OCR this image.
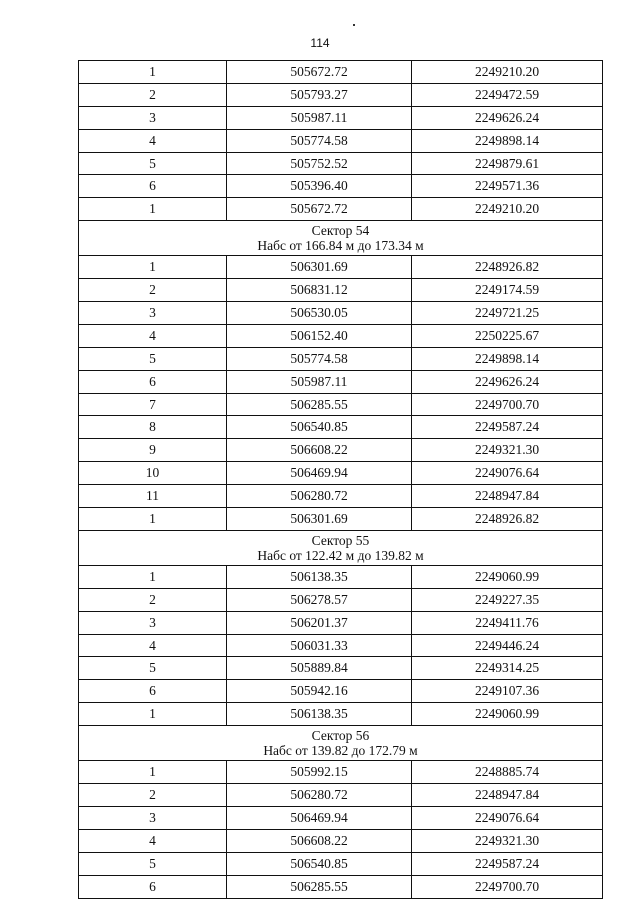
114
1	505672.72	2249210.20
2	505793.27	2249472.59
3	505987.11	2249626.24
4	505774.58	2249898.14
5	505752.52	2249879.61
6	505396.40	2249571.36
1	505672.72	2249210.20

Сектор 54
Набс от 166.84 м до 173.34 м		

1	506301.69	2248926.82
2	506831.12	2249174.59
3	506530.05	2249721.25
4	506152.40	2250225.67
5	505774.58	2249898.14
6	505987.11	2249626.24
7	506285.55	2249700.70
8	506540.85	2249587.24
9	506608.22	2249321.30
10	506469.94	2249076.64
11	506280.72	2248947.84
1	506301.69	2248926.82

Сектор 55
Набс от 122.42 м до 139.82 м		

1	506138.35	2249060.99
2	506278.57	2249227.35
3	506201.37	2249411.76
4	506031.33	2249446.24
5	505889.84	2249314.25
6	505942.16	2249107.36
1	506138.35	2249060.99

Сектор 56
Набс от 139.82 до 172.79 м		

1	505992.15	2248885.74
2	506280.72	2248947.84
3	506469.94	2249076.64
4	506608.22	2249321.30
5	506540.85	2249587.24
6	506285.55	2249700.70
